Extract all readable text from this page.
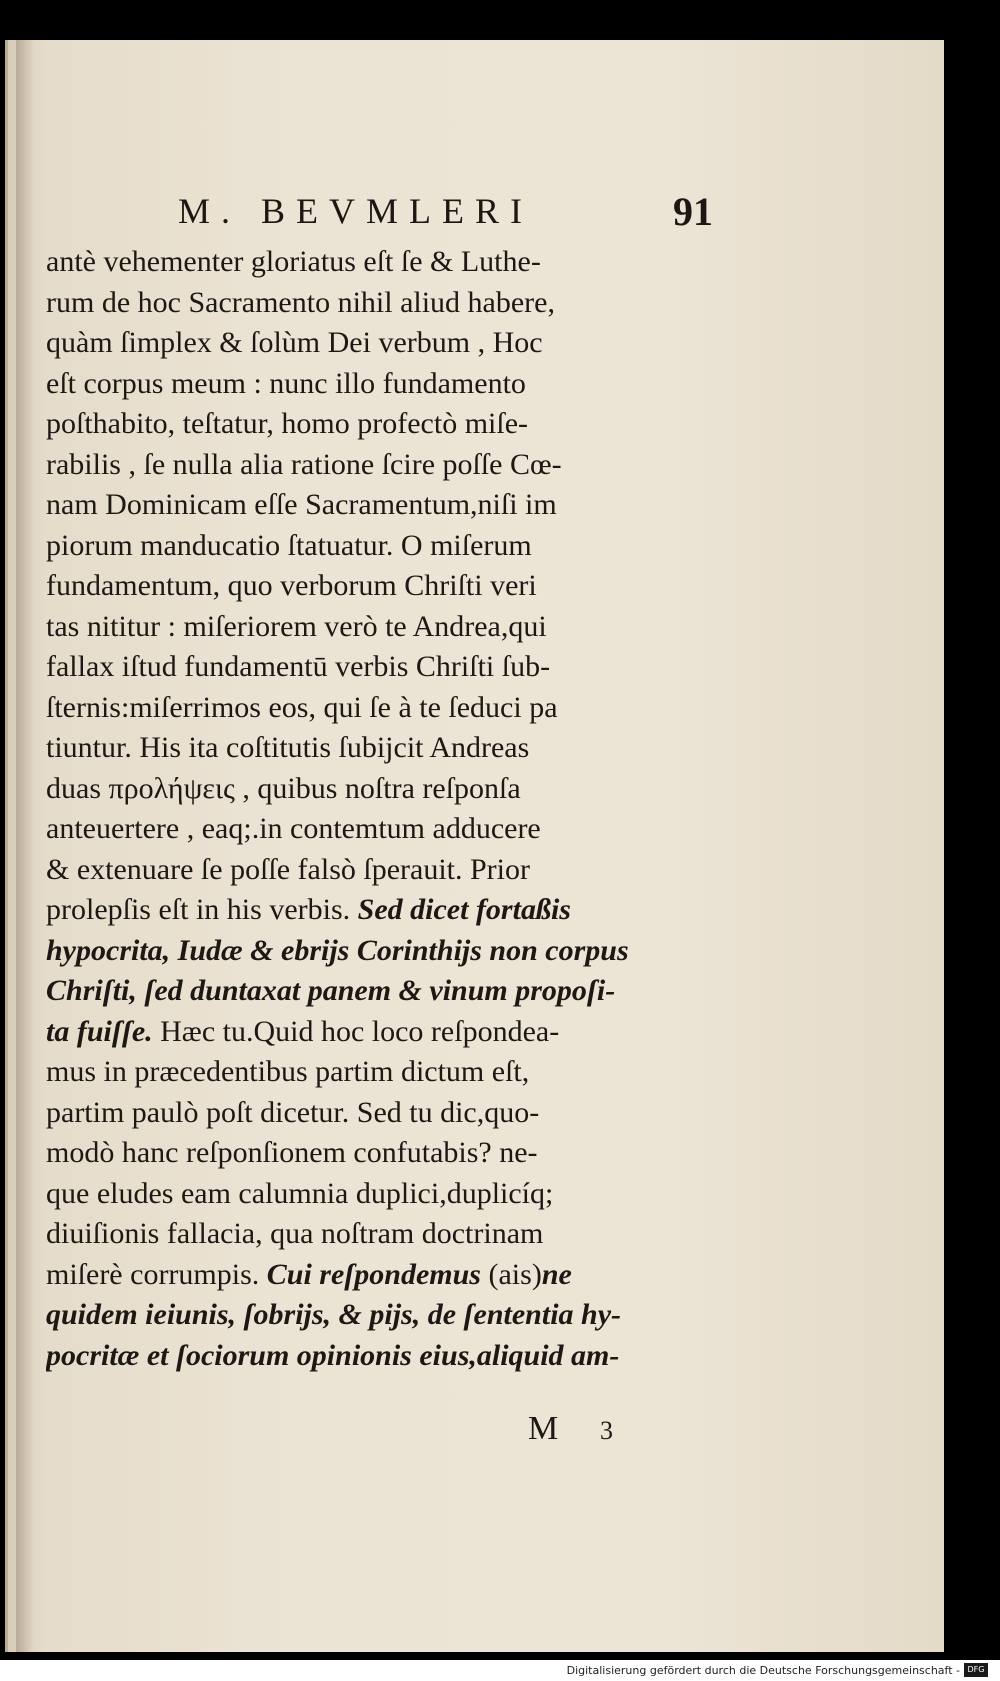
M. BEVMLERI	91
antè vehementer gloriatus eſt ſe & Luthe-
rum de hoc Sacramento nihil aliud habere,
quàm ſimplex & ſolùm Dei verbum , Hoc
eſt corpus meum : nunc illo fundamento
poſthabito, teſtatur, homo profectò miſe-
rabilis , ſe nulla alia ratione ſcire poſſe Cœ-
nam Dominicam eſſe Sacramentum,niſi im
piorum manducatio ſtatuatur. O miſerum
fundamentum, quo verborum Chriſti veri
tas nititur : miſeriorem verò te Andrea,qui
fallax iſtud fundamentū verbis Chriſti ſub-
ſternis:miſerrimos eos, qui ſe à te ſeduci pa
tiuntur. His ita coſtitutis ſubijcit Andreas
duas προλήψεις , quibus noſtra reſponſa
anteuertere , eaq;.in contemtum adducere
& extenuare ſe poſſe falsò ſperauit. Prior
prolepſis eſt in his verbis. Sed dicet fortaßis
hypocrita, Iudæ & ebrijs Corinthijs non corpus
Chriſti, ſed duntaxat panem & vinum propoſi-
ta fuiſſe. Hæc tu.Quid hoc loco reſpondea-
mus in præcedentibus partim dictum eſt,
partim paulò poſt dicetur. Sed tu dic,quo-
modò hanc reſponſionem confutabis? ne-
que eludes eam calumnia duplici,duplicíq;
diuiſionis fallacia, qua noſtram doctrinam
miſerè corrumpis. Cui reſpondemus (ais)ne
quidem ieiunis, ſobrijs, & pijs, de ſententia hy-
pocritæ et ſociorum opinionis eius,aliquid am-
M 3
Digitalisierung gefördert durch die Deutsche Forschungsgemeinschaft - DFG
